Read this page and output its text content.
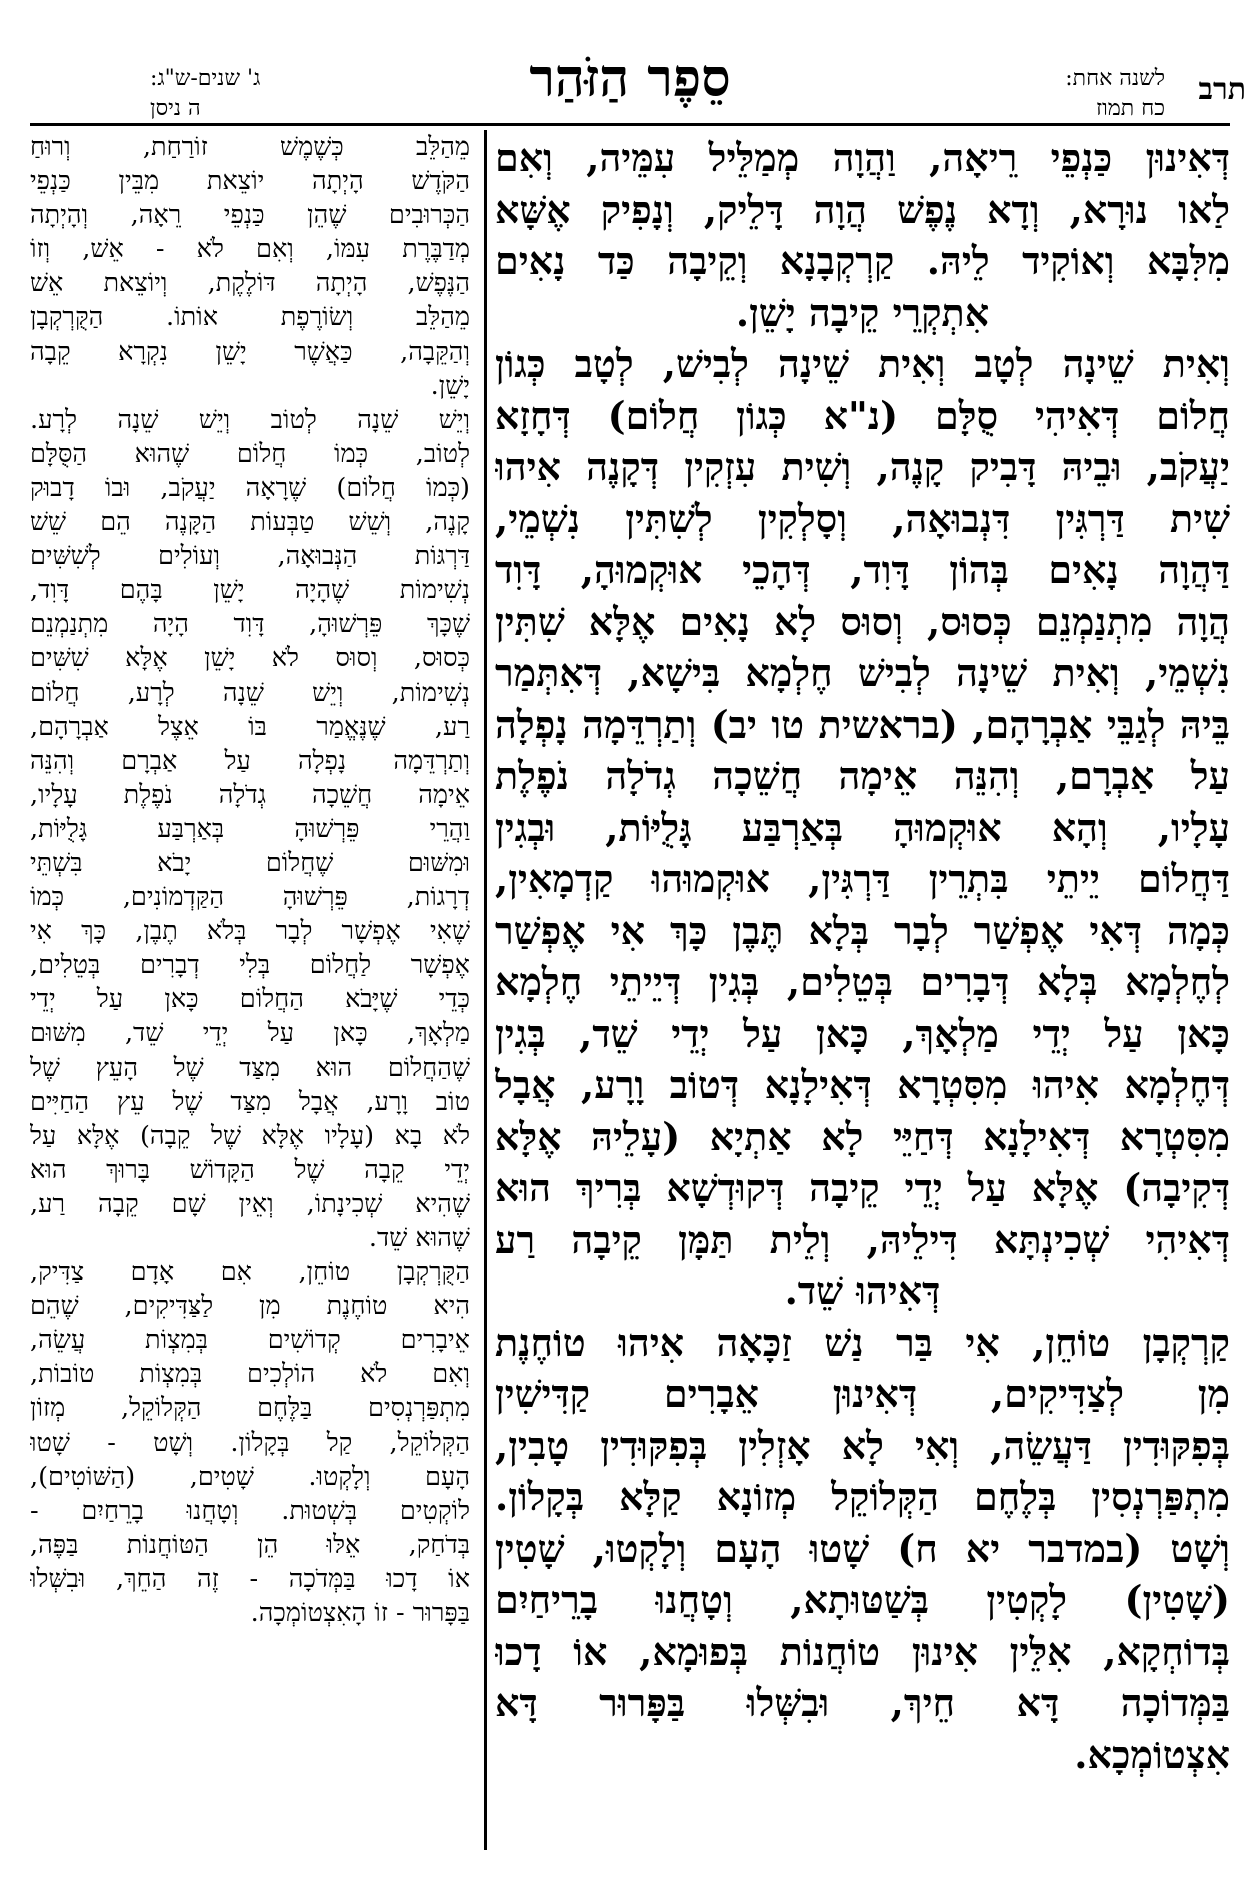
תרב
לשנה אחת:
כח תמוז
סֵפֶר הַזֹּהַר
ג' שנים-ש"ג:
ה ניסן
דְּאִינוּן כַּנְפֵי רֵיאָה, וַהֲוָה מְמַלֵּיל עִמֵּיה, וְאִם
לַאו נוּרָא, וְדָא נֶפֶשׁ הֲוָה דָּלֵיק, וְנָפִיק אֶשָּׁא
מִלִּבָּא וְאוֹקִיד לֵיהּ. קַרְקְבָנָא וְקֵיבָה כַּד נָאִים
אִתְקְרֵי קֵיבָה יָשֵׁן.
וְאִית שֵׁינָה לְטָב וְאִית שֵׁינָה לְבִישׁ, לְטָב כְּגוֹן
חֲלוֹם דְּאִיהִי סֻלָּם (נ"א כְּגוֹן חֲלוֹם) דְּחָזָא
יַעֲקֹב, וּבֵיהּ דָּבִיק קָנֶה, וְשִׁית עִזְקִין דְּקָנֶה אִיהוּ
שִׁית דַּרְגִּין דִּנְבוּאָה, וְסָלְקִין לְשִׁתִּין נִשְׁמֵי,
דַּהֲוָה נָאִים בְּהוֹן דָּוִד, דְּהָכֵי אוּקְמוּהָ, דָּוִד
הֲוָה מִתְנַמְנֵם כְּסוּס, וְסוּס לָא נָאִים אֶלָּא שִׁתִּין
נִשְׁמֵי, וְאִית שֵׁינָה לְבִישׁ חֶלְמָא בִּישָׁא, דְּאִתְּמַר
בֵּיהּ לְגַבֵּי אַבְרָהָם, (בראשית טו יב) וְתַרְדֵּמָה נָפְלָה
עַל אַבְרָם, וְהִנֵּה אֵימָה חֲשֵׁכָה גְדֹלָה נֹפֶלֶת
עָלָיו, וְהָא אוּקְמוּהָ בְּאַרְבַּע גָּלֻיּוֹת, וּבְגִין
דַּחֲלוֹם יֵיתֵי בִּתְרֵין דַּרְגִּין, אוּקְמוּהוּ קַדְמָאִין,
כְּמָה דְּאִי אֶפְשַׁר לְבָר בְּלָא תֶּבֶן כָּךְ אִי אֶפְשַׁר
לְחֶלְמָא בְּלָא דְּבָרִים בְּטֵלִים, בְּגִין דְּיֵיתֵי חֶלְמָא
כָּאן עַל יְדֵי מַלְאָךְ, כָּאן עַל יְדֵי שֵׁד, בְּגִין
דְּחֶלְמָא אִיהוּ מִסִּטְרָא דְּאִילָנָא דְּטוֹב וָרָע, אֲבָל
מִסִּטְרָא דְּאִילָנָא דְּחַיֵּי לָא אַתְיָא (עָלֵיהּ אֶלָּא
דְּקִיבָה) אֶלָּא עַל יְדֵי קֵיבָה דְּקוּדְשָׁא בְּרִיךְ הוּא
דְּאִיהִי שְׁכִינְתָּא דִּילֵיהּ, וְלֵית תַּמָּן קֵיבָה רַע
דְּאִיהוּ שֵׁד.
קַרְקְבָן טוֹחֵן, אִי בַּר נַשׁ זַכָּאָה אִיהוּ טוֹחֶנֶת
מִן לְצַדִּיקִים, דְּאִינוּן אֵבָרִים קַדִּישִׁין
בְּפִקּוּדִין דַּעֲשֵׂה, וְאִי לָא אָזְלִין בְּפִקּוּדִין טָבִין,
מִתְפַּרְנְסִין בְּלֶחֶם הַקְּלוֹקֵל מְזוֹנָא קַלָּא בְּקָלוֹן.
וְשָׁט (במדבר יא ח) שָׁטוּ הָעָם וְלָקְטוּ, שָׁטִין
(שָׁטִין) לָקְטִין בְּשַׁטּוּתָא, וְטָחֲנוּ בָרֵיחַיִם
בְּדוֹחְקָא, אִלֵּין אִינוּן טוֹחֲנוֹת בְּפוּמָא, אוֹ דָכוּ
בַּמְּדוֹכָה דָּא חֵיךְ, וּבִשְּׁלוּ בַּפָּרוּר דָּא
אִצְטוֹמְכָא.
מֵהַלֵּב כְּשֶׁמֶשׁ זוֹרַחַת, וְרוּחַ
הַקֹּדֶשׁ הָיְתָה יוֹצֵאת מִבֵּין כַּנְפֵי
הַכְּרוּבִים שֶׁהֵן כַּנְפֵי רֵאָה, וְהָיְתָה
מְדַבֶּרֶת עִמּוֹ, וְאִם לֹא - אֵשׁ, וְזוֹ
הַנֶּפֶשׁ, הָיְתָה דּוֹלֶקֶת, וְיוֹצֵאת אֵשׁ
מֵהַלֵּב וְשׂוֹרֶפֶת אוֹתוֹ. הַקֻּרְקְבָן
וְהַקֵּבָה, כַּאֲשֶׁר יָשֵׁן נִקְרָא קֵבָה
יָשֵׁן.
וְיֵשׁ שֵׁנָה לְטוֹב וְיֵשׁ שֵׁנָה לְרָע.
לְטוֹב, כְּמוֹ חֲלוֹם שֶׁהוּא הַסֻּלָּם
(כְּמוֹ חֲלוֹם) שֶׁרָאָה יַעֲקֹב, וּבוֹ דָבוּק
קָנֶה, וְשֵׁשׁ טַבְּעוֹת הַקָּנֶה הֵם שֵׁשׁ
דַּרְגּוֹת הַנְּבוּאָה, וְעוֹלִים לְשִׁשִּׁים
נְשִׁימוֹת שֶׁהָיָה יָשֵׁן בָּהֶם דָּוִד,
שֶׁכָּךְ פֵּרְשׁוּהָ, דָּוִד הָיָה מִתְנַמְנֵם
כְּסוּס, וְסוּס לֹא יָשֵׁן אֶלָּא שִׁשִּׁים
נְשִׁימוֹת, וְיֵשׁ שֵׁנָה לְרָע, חֲלוֹם
רַע, שֶׁנֶּאֱמַר בּוֹ אֵצֶל אַבְרָהָם,
וְתַרְדֵּמָה נָפְלָה עַל אַבְרָם וְהִנֵּה
אֵימָה חֲשֵׁכָה גְדֹלָה נֹפֶלֶת עָלָיו,
וַהֲרֵי פֵּרְשׁוּהָ בְּאַרְבַּע גָּלֻיּוֹת,
וּמִשּׁוּם שֶׁחֲלוֹם יָבֹא בִּשְׁתֵּי
דְרָגוֹת, פֵּרְשׁוּהָ הַקַּדְמוֹנִים, כְּמוֹ
שֶׁאִי אֶפְשָׁר לְבָר בְּלֹא תֶבֶן, כָּךְ אִי
אֶפְשָׁר לַחֲלוֹם בְּלִי דְבָרִים בְּטֵלִים,
כְּדֵי שֶׁיָּבֹא הַחֲלוֹם כָּאן עַל יְדֵי
מַלְאָךְ, כָּאן עַל יְדֵי שֵׁד, מִשּׁוּם
שֶׁהַחֲלוֹם הוּא מִצַּד שֶׁל הָעֵץ שֶׁל
טוֹב וָרָע, אֲבָל מִצַּד שֶׁל עֵץ הַחַיִּים
לֹא בָא (עָלָיו אֶלָּא שֶׁל קֵבָה) אֶלָּא עַל
יְדֵי קֵבָה שֶׁל הַקָּדוֹשׁ בָּרוּךְ הוּא
שֶׁהִיא שְׁכִינָתוֹ, וְאֵין שָׁם קֵבָה רַע,
שֶׁהוּא שֵׁד.
הַקֻּרְקְבָן טוֹחֵן, אִם אָדָם צַדִּיק,
הִיא טוֹחֶנֶת מִן לַצַּדִּיקִים, שֶׁהֵם
אֵיבָרִים קְדוֹשִׁים בְּמִצְוֹת עֲשֵׂה,
וְאִם לֹא הוֹלְכִים בְּמִצְוֹת טוֹבוֹת,
מִתְפַּרְנְסִים בַּלֶּחֶם הַקְּלוֹקֵל, מְזוֹן
הַקְּלוֹקֵל, קַל בְּקָלוֹן. וְשָׁט - שָׁטוּ
הָעָם וְלָקְטוּ. שָׁטִים, (הַשּׁוֹטִים),
לוֹקְטִים בְּשְׁטוּת. וְטָחֲנוּ בָרֵחַיִם -
בְּדֹחַק, אֵלּוּ הֵן הַטּוֹחֲנוֹת בַּפֶּה,
אוֹ דָכוּ בַּמְּדֹכָה - זֶה הַחֵךְ, וּבִשְּׁלוּ
בַּפָּרוּר - זוֹ הָאִצְטוֹמְכָה.
